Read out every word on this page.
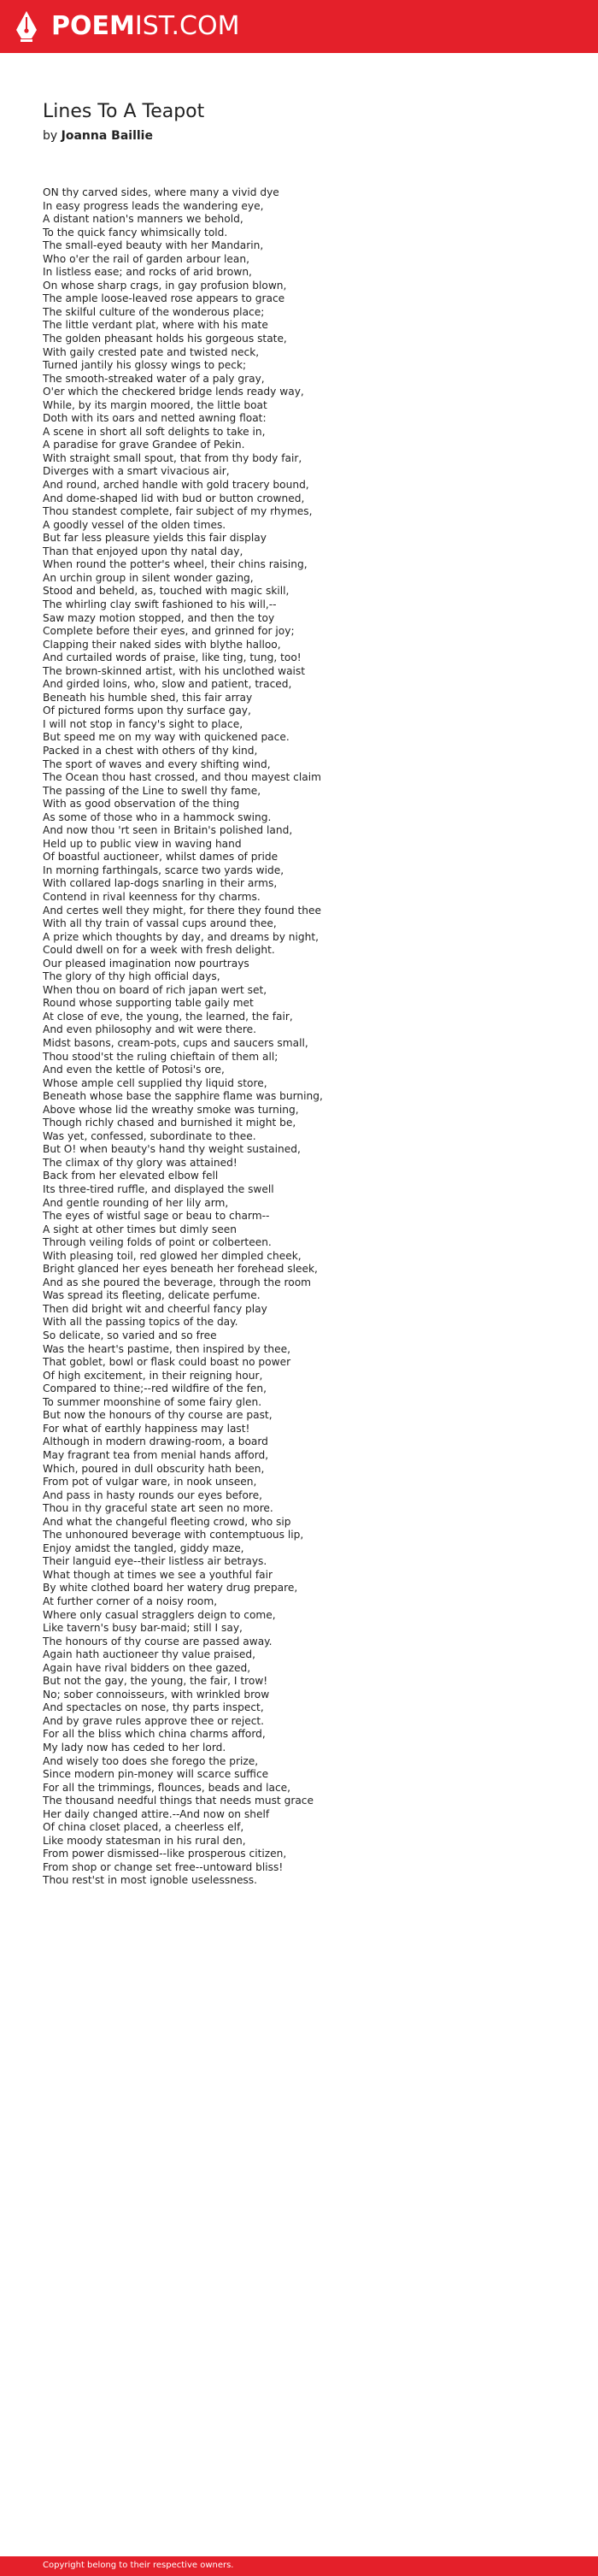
POEMIST.COM
Lines To A Teapot
by Joanna Baillie
ON thy carved sides, where many a vivid dye
In easy progress leads the wandering eye,
A distant nation's manners we behold,
To the quick fancy whimsically told.
The small-eyed beauty with her Mandarin,
Who o'er the rail of garden arbour lean,
In listless ease; and rocks of arid brown,
On whose sharp crags, in gay profusion blown,
The ample loose-leaved rose appears to grace
The skilful culture of the wonderous place;
The little verdant plat, where with his mate
The golden pheasant holds his gorgeous state,
With gaily crested pate and twisted neck,
Turned jantily his glossy wings to peck;
The smooth-streaked water of a paly gray,
O'er which the checkered bridge lends ready way,
While, by its margin moored, the little boat
Doth with its oars and netted awning float:
A scene in short all soft delights to take in,
A paradise for grave Grandee of Pekin.
With straight small spout, that from thy body fair,
Diverges with a smart vivacious air,
And round, arched handle with gold tracery bound,
And dome-shaped lid with bud or button crowned,
Thou standest complete, fair subject of my rhymes,
A goodly vessel of the olden times.
But far less pleasure yields this fair display
Than that enjoyed upon thy natal day,
When round the potter's wheel, their chins raising,
An urchin group in silent wonder gazing,
Stood and beheld, as, touched with magic skill,
The whirling clay swift fashioned to his will,--
Saw mazy motion stopped, and then the toy
Complete before their eyes, and grinned for joy;
Clapping their naked sides with blythe halloo,
And curtailed words of praise, like ting, tung, too!
The brown-skinned artist, with his unclothed waist
And girded loins, who, slow and patient, traced,
Beneath his humble shed, this fair array
Of pictured forms upon thy surface gay,
I will not stop in fancy's sight to place,
But speed me on my way with quickened pace.
Packed in a chest with others of thy kind,
The sport of waves and every shifting wind,
The Ocean thou hast crossed, and thou mayest claim
The passing of the Line to swell thy fame,
With as good observation of the thing
As some of those who in a hammock swing.
And now thou 'rt seen in Britain's polished land,
Held up to public view in waving hand
Of boastful auctioneer, whilst dames of pride
In morning farthingals, scarce two yards wide,
With collared lap-dogs snarling in their arms,
Contend in rival keenness for thy charms.
And certes well they might, for there they found thee
With all thy train of vassal cups around thee,
A prize which thoughts by day, and dreams by night,
Could dwell on for a week with fresh delight.
Our pleased imagination now pourtrays
The glory of thy high official days,
When thou on board of rich japan wert set,
Round whose supporting table gaily met
At close of eve, the young, the learned, the fair,
And even philosophy and wit were there.
Midst basons, cream-pots, cups and saucers small,
Thou stood'st the ruling chieftain of them all;
And even the kettle of Potosi's ore,
Whose ample cell supplied thy liquid store,
Beneath whose base the sapphire flame was burning,
Above whose lid the wreathy smoke was turning,
Though richly chased and burnished it might be,
Was yet, confessed, subordinate to thee.
But O! when beauty's hand thy weight sustained,
The climax of thy glory was attained!
Back from her elevated elbow fell
Its three-tired ruffle, and displayed the swell
And gentle rounding of her lily arm,
The eyes of wistful sage or beau to charm--
A sight at other times but dimly seen
Through veiling folds of point or colberteen.
With pleasing toil, red glowed her dimpled cheek,
Bright glanced her eyes beneath her forehead sleek,
And as she poured the beverage, through the room
Was spread its fleeting, delicate perfume.
Then did bright wit and cheerful fancy play
With all the passing topics of the day.
So delicate, so varied and so free
Was the heart's pastime, then inspired by thee,
That goblet, bowl or flask could boast no power
Of high excitement, in their reigning hour,
Compared to thine;--red wildfire of the fen,
To summer moonshine of some fairy glen.
But now the honours of thy course are past,
For what of earthly happiness may last!
Although in modern drawing-room, a board
May fragrant tea from menial hands afford,
Which, poured in dull obscurity hath been,
From pot of vulgar ware, in nook unseen,
And pass in hasty rounds our eyes before,
Thou in thy graceful state art seen no more.
And what the changeful fleeting crowd, who sip
The unhonoured beverage with contemptuous lip,
Enjoy amidst the tangled, giddy maze,
Their languid eye--their listless air betrays.
What though at times we see a youthful fair
By white clothed board her watery drug prepare,
At further corner of a noisy room,
Where only casual stragglers deign to come,
Like tavern's busy bar-maid; still I say,
The honours of thy course are passed away.
Again hath auctioneer thy value praised,
Again have rival bidders on thee gazed,
But not the gay, the young, the fair, I trow!
No; sober connoisseurs, with wrinkled brow
And spectacles on nose, thy parts inspect,
And by grave rules approve thee or reject.
For all the bliss which china charms afford,
My lady now has ceded to her lord.
And wisely too does she forego the prize,
Since modern pin-money will scarce suffice
For all the trimmings, flounces, beads and lace,
The thousand needful things that needs must grace
Her daily changed attire.--And now on shelf
Of china closet placed, a cheerless elf,
Like moody statesman in his rural den,
From power dismissed--like prosperous citizen,
From shop or change set free--untoward bliss!
Thou rest'st in most ignoble uselessness.
Copyright belong to their respective owners.
